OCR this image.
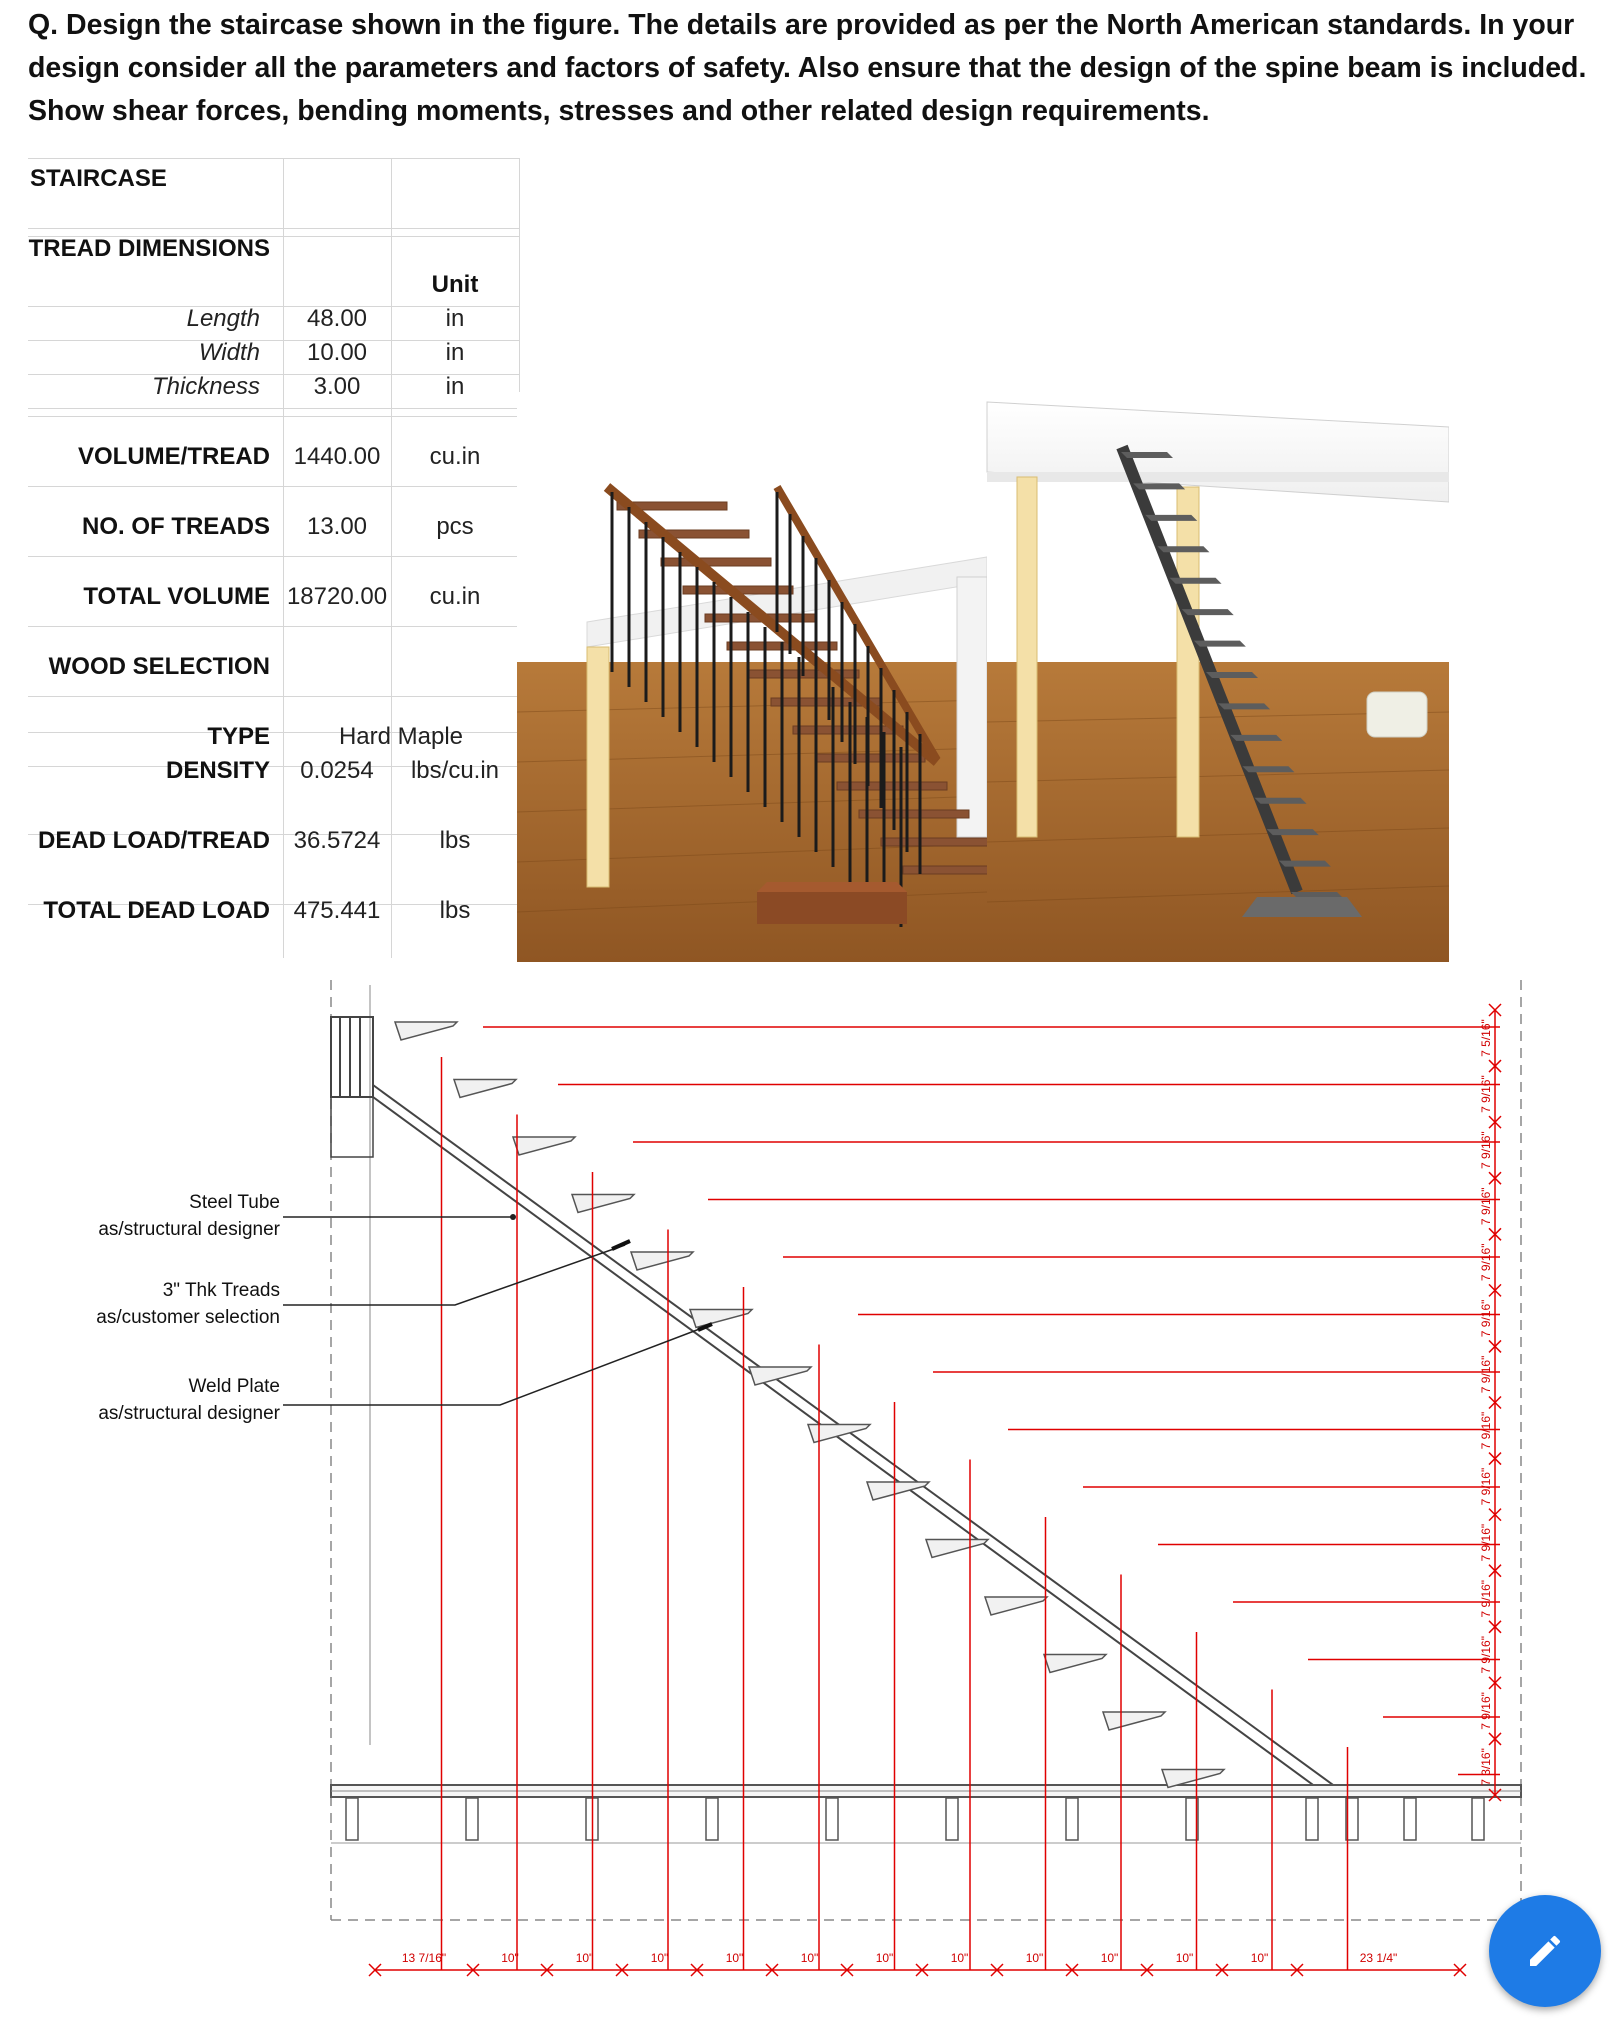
Q. Design the staircase shown in the figure. The details are provided as per the North American standards. In your design consider all the parameters and factors of safety. Also ensure that the design of the spine beam is included. Show shear forces, bending moments, stresses and other related design requirements.
STAIRCASE
TREAD DIMENSIONS
Unit
Length	48.00	in
Width	10.00	in
Thickness	3.00	in
VOLUME/TREAD 1440.00	cu.in
NO. OF TREADS	13.00	pcs
TOTAL VOLUME 18720.00	cu.in
WOOD SELECTION
TYPE	Hard Maple
DENSITY	0.0254	lbs/cu.in
DEAD LOAD/TREAD 36.5724	lbs
TOTAL DEAD LOAD 475.441	lbs
13 7/16"	10"	10"	10"	10"	10"	10"	10"	10"	10"	10"	10"	23 1/4"
7 3/16"
7 9/16"
7 9/16"
7 9/16"
7 9/16"
7 9/16"
7 9/16"
7 9/16"
7 9/16"
7 9/16"
7 9/16"
7 9/16"
7 9/16"
7 5/16"
Steel Tube
as/structural designer
3" Thk Treads
as/customer selection
Weld Plate
as/structural designer
